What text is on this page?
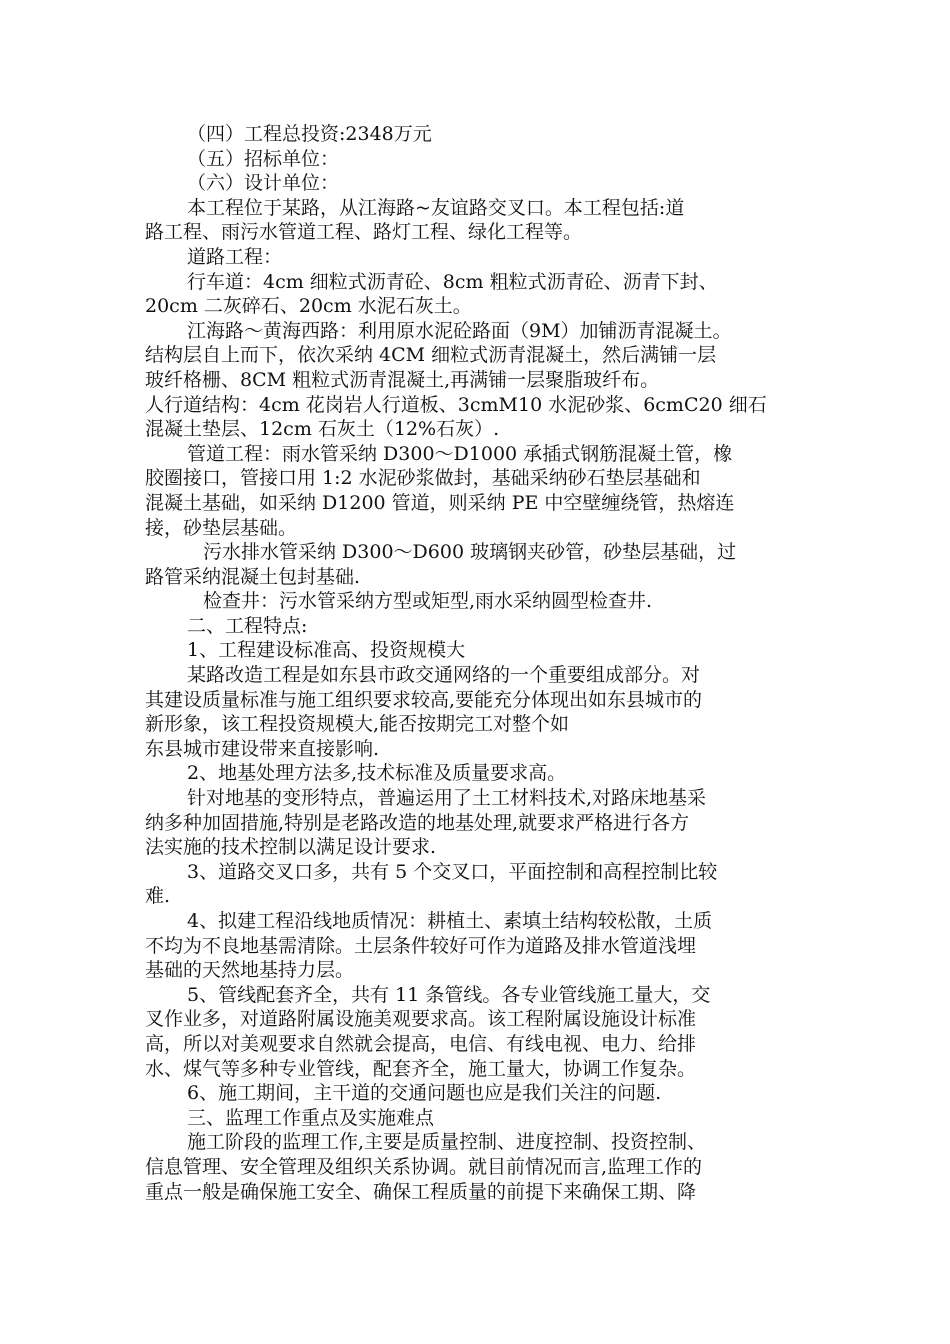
（四）工程总投资:2348万元
（五）招标单位：
（六）设计单位：
本工程位于某路，从江海路~友谊路交叉口。本工程包括:道
路工程、雨污水管道工程、路灯工程、绿化工程等。
道路工程：
行车道：4cm 细粒式沥青砼、8cm 粗粒式沥青砼、沥青下封、
20cm 二灰碎石、20cm 水泥石灰土。
江海路～黄海西路：利用原水泥砼路面（9M）加铺沥青混凝土。
结构层自上而下，依次采纳 4CM 细粒式沥青混凝土，然后满铺一层
玻纤格栅、8CM 粗粒式沥青混凝土,再满铺一层聚脂玻纤布。
人行道结构：4cm 花岗岩人行道板、3cmM10 水泥砂浆、6cmC20 细石
混凝土垫层、12cm 石灰土（12%石灰）.
管道工程：雨水管采纳 D300～D1000 承插式钢筋混凝土管，橡
胶圈接口，管接口用 1:2 水泥砂浆做封，基础采纳砂石垫层基础和
混凝土基础，如采纳 D1200 管道，则采纳 PE 中空壁缠绕管，热熔连
接，砂垫层基础。
污水排水管采纳 D300～D600 玻璃钢夹砂管，砂垫层基础，过
路管采纳混凝土包封基础.
检查井：污水管采纳方型或矩型,雨水采纳圆型检查井.
二、工程特点:
1、工程建设标准高、投资规模大
某路改造工程是如东县市政交通网络的一个重要组成部分。对
其建设质量标准与施工组织要求较高,要能充分体现出如东县城市的
新形象，该工程投资规模大,能否按期完工对整个如
东县城市建设带来直接影响.
2、地基处理方法多,技术标准及质量要求高。
针对地基的变形特点，普遍运用了土工材料技术,对路床地基采
纳多种加固措施,特别是老路改造的地基处理,就要求严格进行各方
法实施的技术控制以满足设计要求.
3、道路交叉口多，共有 5 个交叉口，平面控制和高程控制比较
难.
4、拟建工程沿线地质情况：耕植土、素填土结构较松散，土质
不均为不良地基需清除。土层条件较好可作为道路及排水管道浅埋
基础的天然地基持力层。
5、管线配套齐全，共有 11 条管线。各专业管线施工量大，交
叉作业多，对道路附属设施美观要求高。该工程附属设施设计标准
高，所以对美观要求自然就会提高，电信、有线电视、电力、给排
水、煤气等多种专业管线，配套齐全，施工量大，协调工作复杂。
6、施工期间，主干道的交通问题也应是我们关注的问题.
三、监理工作重点及实施难点
施工阶段的监理工作,主要是质量控制、进度控制、投资控制、
信息管理、安全管理及组织关系协调。就目前情况而言,监理工作的
重点一般是确保施工安全、确保工程质量的前提下来确保工期、降
